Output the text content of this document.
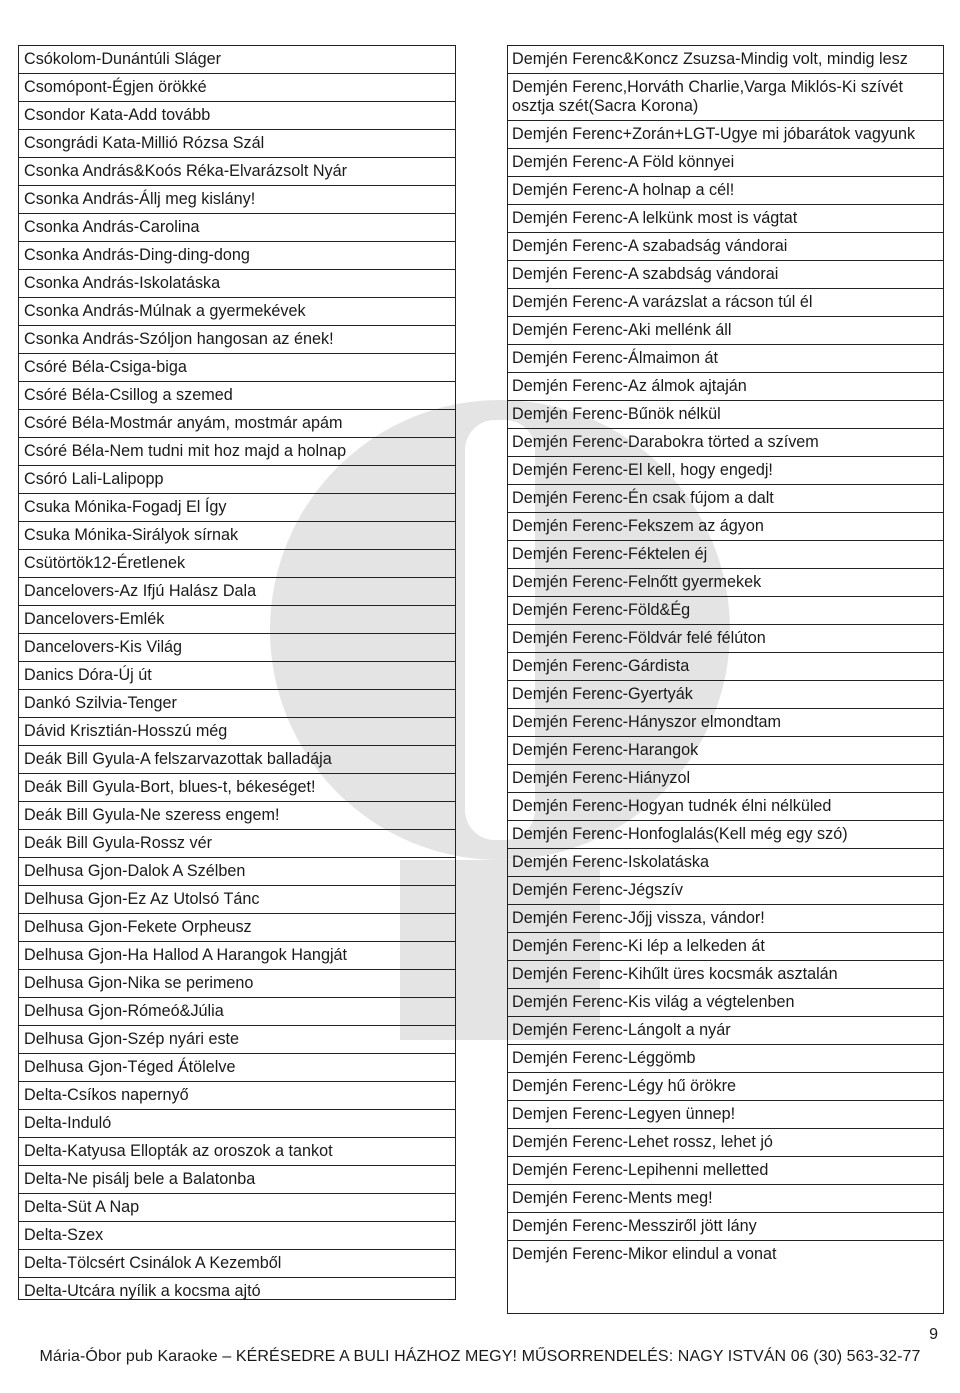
Csókolom-Dunántúli Sláger
Csomópont-Égjen örökké
Csondor Kata-Add tovább
Csongrádi Kata-Millió Rózsa Szál
Csonka András&Koós Réka-Elvarázsolt Nyár
Csonka András-Állj meg kislány!
Csonka András-Carolina
Csonka András-Ding-ding-dong
Csonka András-Iskolatáska
Csonka András-Múlnak a gyermekévek
Csonka András-Szóljon hangosan az ének!
Csóré Béla-Csiga-biga
Csóré Béla-Csillog a szemed
Csóré Béla-Mostmár anyám, mostmár apám
Csóré Béla-Nem tudni mit hoz majd a holnap
Csóró Lali-Lalipopp
Csuka Mónika-Fogadj El Így
Csuka Mónika-Sirályok sírnak
Csütörtök12-Éretlenek
Dancelovers-Az Ifjú Halász Dala
Dancelovers-Emlék
Dancelovers-Kis Világ
Danics Dóra-Új út
Dankó Szilvia-Tenger
Dávid Krisztián-Hosszú még
Deák Bill Gyula-A felszarvazottak balladája
Deák Bill Gyula-Bort, blues-t, békeséget!
Deák Bill Gyula-Ne szeress engem!
Deák Bill Gyula-Rossz vér
Delhusa Gjon-Dalok A Szélben
Delhusa Gjon-Ez Az Utolsó Tánc
Delhusa Gjon-Fekete Orpheusz
Delhusa Gjon-Ha Hallod A Harangok Hangját
Delhusa Gjon-Nika se perimeno
Delhusa Gjon-Rómeó&Júlia
Delhusa Gjon-Szép nyári este
Delhusa Gjon-Téged Átölelve
Delta-Csíkos napernyő
Delta-Induló
Delta-Katyusa Ellopták az oroszok a tankot
Delta-Ne pisálj bele a Balatonba
Delta-Süt A Nap
Delta-Szex
Delta-Tölcsért Csinálok A Kezemből
Delta-Utcára nyílik a kocsma ajtó
Demjén Ferenc&Koncz Zsuzsa-Mindig volt, mindig lesz
Demjén Ferenc,Horváth Charlie,Varga Miklós-Ki szívét osztja szét(Sacra Korona)
Demjén Ferenc+Zorán+LGT-Ugye mi jóbarátok vagyunk
Demjén Ferenc-A Föld könnyei
Demjén Ferenc-A holnap a cél!
Demjén Ferenc-A lelkünk most is vágtat
Demjén Ferenc-A szabadság vándorai
Demjén Ferenc-A szabdság vándorai
Demjén Ferenc-A varázslat a rácson túl él
Demjén Ferenc-Aki mellénk áll
Demjén Ferenc-Álmaimon át
Demjén Ferenc-Az álmok ajtaján
Demjén Ferenc-Bűnök nélkül
Demjén Ferenc-Darabokra törted a szívem
Demjén Ferenc-El kell, hogy engedj!
Demjén Ferenc-Én csak fújom a dalt
Demjén Ferenc-Fekszem az ágyon
Demjén Ferenc-Féktelen éj
Demjén Ferenc-Felnőtt gyermekek
Demjén Ferenc-Föld&Ég
Demjén Ferenc-Földvár felé félúton
Demjén Ferenc-Gárdista
Demjén Ferenc-Gyertyák
Demjén Ferenc-Hányszor elmondtam
Demjén Ferenc-Harangok
Demjén Ferenc-Hiányzol
Demjén Ferenc-Hogyan tudnék élni nélküled
Demjén Ferenc-Honfoglalás(Kell még egy szó)
Demjén Ferenc-Iskolatáska
Demjén Ferenc-Jégszív
Demjén Ferenc-Jőjj vissza, vándor!
Demjén Ferenc-Ki lép a lelkeden át
Demjén Ferenc-Kihűlt üres kocsmák asztalán
Demjén Ferenc-Kis világ a végtelenben
Demjén Ferenc-Lángolt a nyár
Demjén Ferenc-Léggömb
Demjén Ferenc-Légy hű örökre
Demjen Ferenc-Legyen ünnep!
Demjén Ferenc-Lehet rossz, lehet jó
Demjén Ferenc-Lepihenni melletted
Demjén Ferenc-Ments meg!
Demjén Ferenc-Messziről jött lány
Demjén Ferenc-Mikor elindul a vonat
9
Mária-Óbor pub Karaoke – KÉRÉSEDRE A BULI HÁZHOZ MEGY! MŰSORRENDELÉS: NAGY ISTVÁN 06 (30) 563-32-77
